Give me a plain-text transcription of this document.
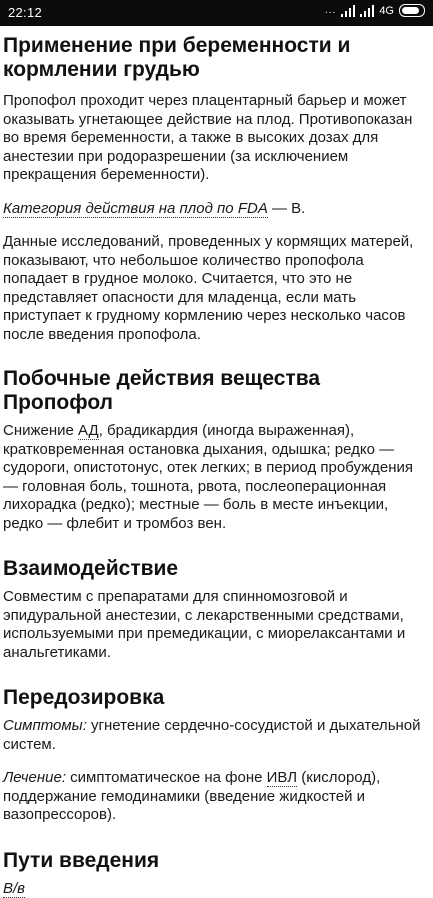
22:12	...	4G
Применение при беременности и кормлении грудью

Пропофол проходит через плацентарный барьер и может оказывать угнетающее действие на плод. Противопоказан во время беременности, а также в высоких дозах для анестезии при родоразрешении (за исключением прекращения беременности).

Категория действия на плод по FDA — B.

Данные исследований, проведенных у кормящих матерей, показывают, что небольшое количество пропофола попадает в грудное молоко. Считается, что это не представляет опасности для младенца, если мать приступает к грудному кормлению через несколько часов после введения пропофола.

Побочные действия вещества Пропофол

Снижение АД, брадикардия (иногда выраженная), кратковременная остановка дыхания, одышка; редко — судороги, опистотонус, отек легких; в период пробуждения — головная боль, тошнота, рвота, послеоперационная лихорадка (редко); местные — боль в месте инъекции, редко — флебит и тромбоз вен.

Взаимодействие

Совместим с препаратами для спинномозговой и эпидуральной анестезии, с лекарственными средствами, используемыми при премедикации, с миорелаксантами и анальгетиками.

Передозировка

Симптомы: угнетение сердечно-сосудистой и дыхательной систем.

Лечение: симптоматическое на фоне ИВЛ (кислород), поддержание гемодинамики (введение жидкостей и вазопрессоров).

Пути введения

В/в
